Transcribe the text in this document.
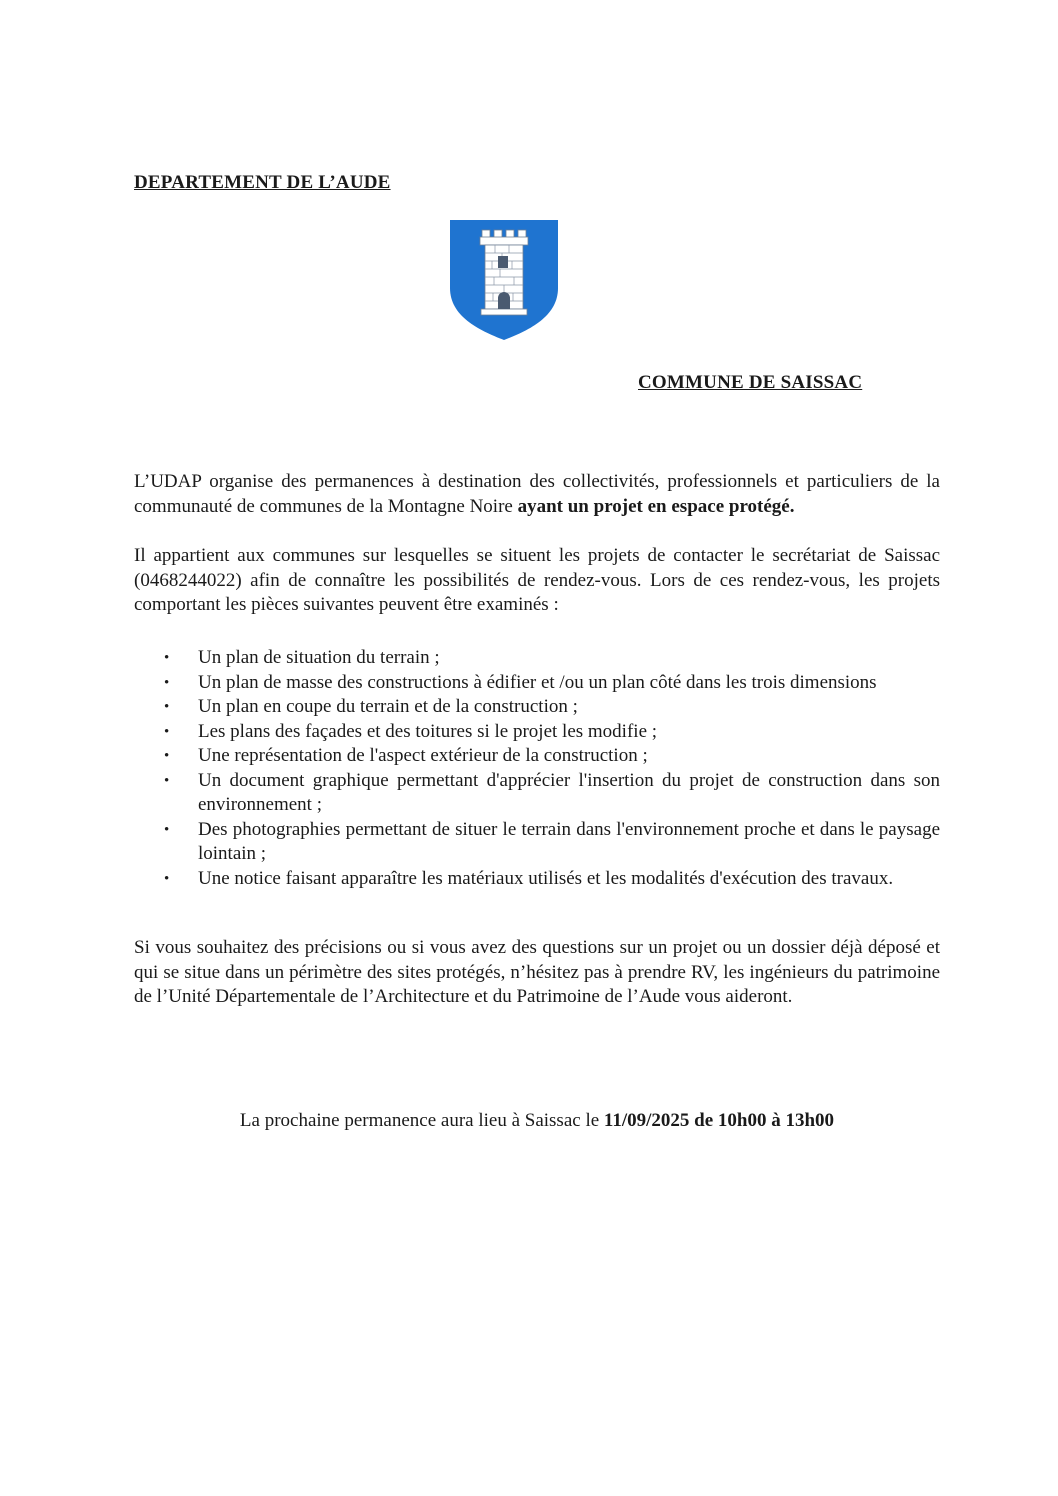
DEPARTEMENT DE L’AUDE
COMMUNE DE SAISSAC
L’UDAP organise des permanences à destination des collectivités, professionnels et particuliers de la communauté de communes de la Montagne Noire ayant un projet en espace protégé.
Il appartient aux communes sur lesquelles se situent les projets de contacter le secrétariat de Saissac (0468244022) afin de connaître les possibilités de rendez-vous. Lors de ces rendez-vous, les projets comportant les pièces suivantes peuvent être examinés :
• Un plan de situation du terrain ;
• Un plan de masse des constructions à édifier et /ou un plan côté dans les trois dimensions
• Un plan en coupe du terrain et de la construction ;
• Les plans des façades et des toitures si le projet les modifie ;
• Une représentation de l'aspect extérieur de la construction ;
• Un document graphique permettant d'apprécier l'insertion du projet de construction dans son environnement ;
• Des photographies permettant de situer le terrain dans l'environnement proche et dans le paysage lointain ;
• Une notice faisant apparaître les matériaux utilisés et les modalités d'exécution des travaux.
Si vous souhaitez des précisions ou si vous avez des questions sur un projet ou un dossier déjà déposé et qui se situe dans un périmètre des sites protégés, n’hésitez pas à prendre RV, les ingénieurs du patrimoine de l’Unité Départementale de l’Architecture et du Patrimoine de l’Aude vous aideront.
La prochaine permanence aura lieu à Saissac le 11/09/2025 de 10h00 à 13h00
